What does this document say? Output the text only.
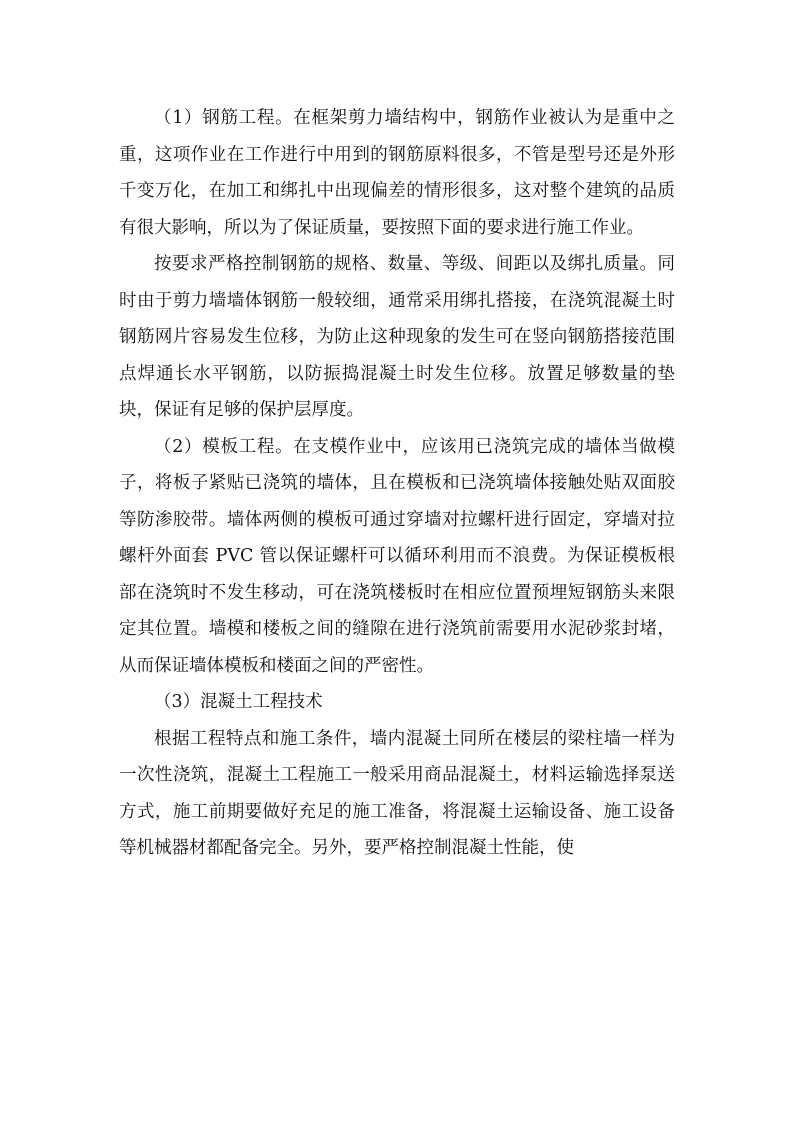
（1）钢筋工程。在框架剪力墙结构中，钢筋作业被认为是重中之重，这项作业在工作进行中用到的钢筋原料很多，不管是型号还是外形千变万化，在加工和绑扎中出现偏差的情形很多，这对整个建筑的品质有很大影响，所以为了保证质量，要按照下面的要求进行施工作业。

按要求严格控制钢筋的规格、数量、等级、间距以及绑扎质量。同时由于剪力墙墙体钢筋一般较细，通常采用绑扎搭接，在浇筑混凝土时钢筋网片容易发生位移，为防止这种现象的发生可在竖向钢筋搭接范围点焊通长水平钢筋，以防振捣混凝土时发生位移。放置足够数量的垫块，保证有足够的保护层厚度。

（2）模板工程。在支模作业中，应该用已浇筑完成的墙体当做模子，将板子紧贴已浇筑的墙体，且在模板和已浇筑墙体接触处贴双面胶等防渗胶带。墙体两侧的模板可通过穿墙对拉螺杆进行固定，穿墙对拉螺杆外面套 PVC 管以保证螺杆可以循环利用而不浪费。为保证模板根部在浇筑时不发生移动，可在浇筑楼板时在相应位置预埋短钢筋头来限定其位置。墙模和楼板之间的缝隙在进行浇筑前需要用水泥砂浆封堵，从而保证墙体模板和楼面之间的严密性。

（3）混凝土工程技术

根据工程特点和施工条件，墙内混凝土同所在楼层的梁柱墙一样为一次性浇筑，混凝土工程施工一般采用商品混凝土，材料运输选择泵送方式，施工前期要做好充足的施工准备，将混凝土运输设备、施工设备等机械器材都配备完全。另外，要严格控制混凝土性能，使
